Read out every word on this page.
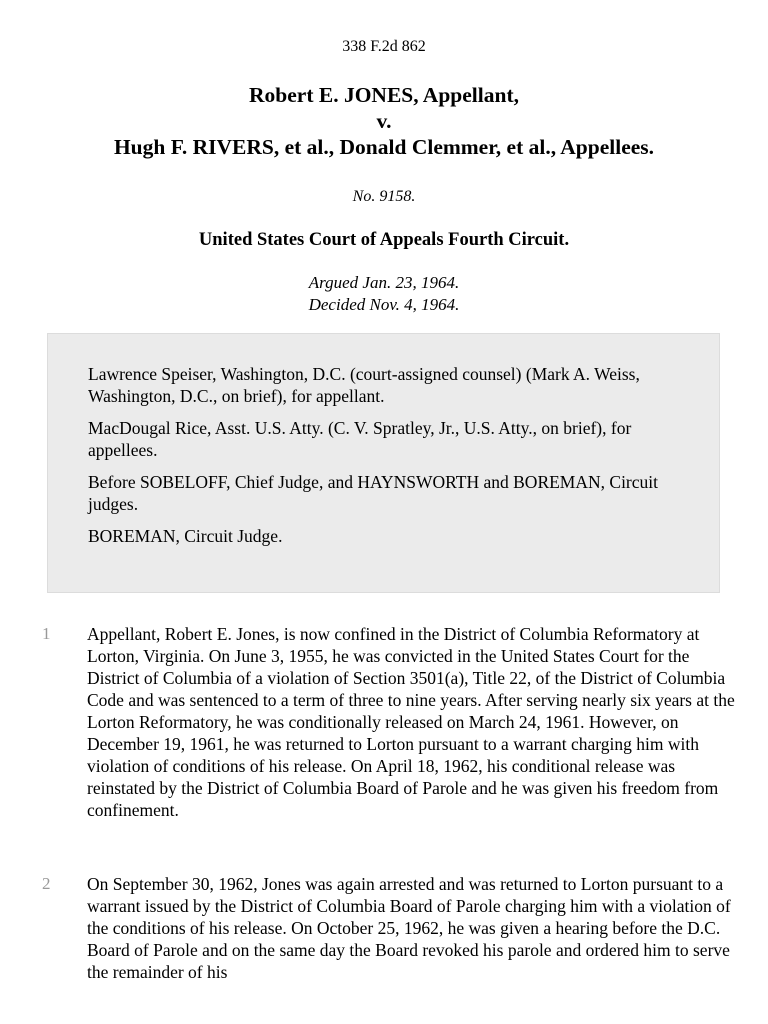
338 F.2d 862
Robert E. JONES, Appellant,
v.
Hugh F. RIVERS, et al., Donald Clemmer, et al., Appellees.
No. 9158.
United States Court of Appeals Fourth Circuit.
Argued Jan. 23, 1964.
Decided Nov. 4, 1964.

Lawrence Speiser, Washington, D.C. (court-assigned counsel) (Mark A. Weiss, Washington, D.C., on brief), for appellant.

MacDougal Rice, Asst. U.S. Atty. (C. V. Spratley, Jr., U.S. Atty., on brief), for appellees.

Before SOBELOFF, Chief Judge, and HAYNSWORTH and BOREMAN, Circuit judges.

BOREMAN, Circuit Judge.

1 Appellant, Robert E. Jones, is now confined in the District of Columbia Reformatory at Lorton, Virginia. On June 3, 1955, he was convicted in the United States Court for the District of Columbia of a violation of Section 3501(a), Title 22, of the District of Columbia Code and was sentenced to a term of three to nine years. After serving nearly six years at the Lorton Reformatory, he was conditionally released on March 24, 1961. However, on December 19, 1961, he was returned to Lorton pursuant to a warrant charging him with violation of conditions of his release. On April 18, 1962, his conditional release was reinstated by the District of Columbia Board of Parole and he was given his freedom from confinement.

2 On September 30, 1962, Jones was again arrested and was returned to Lorton pursuant to a warrant issued by the District of Columbia Board of Parole charging him with a violation of the conditions of his release. On October 25, 1962, he was given a hearing before the D.C. Board of Parole and on the same day the Board revoked his parole and ordered him to serve the remainder of his
